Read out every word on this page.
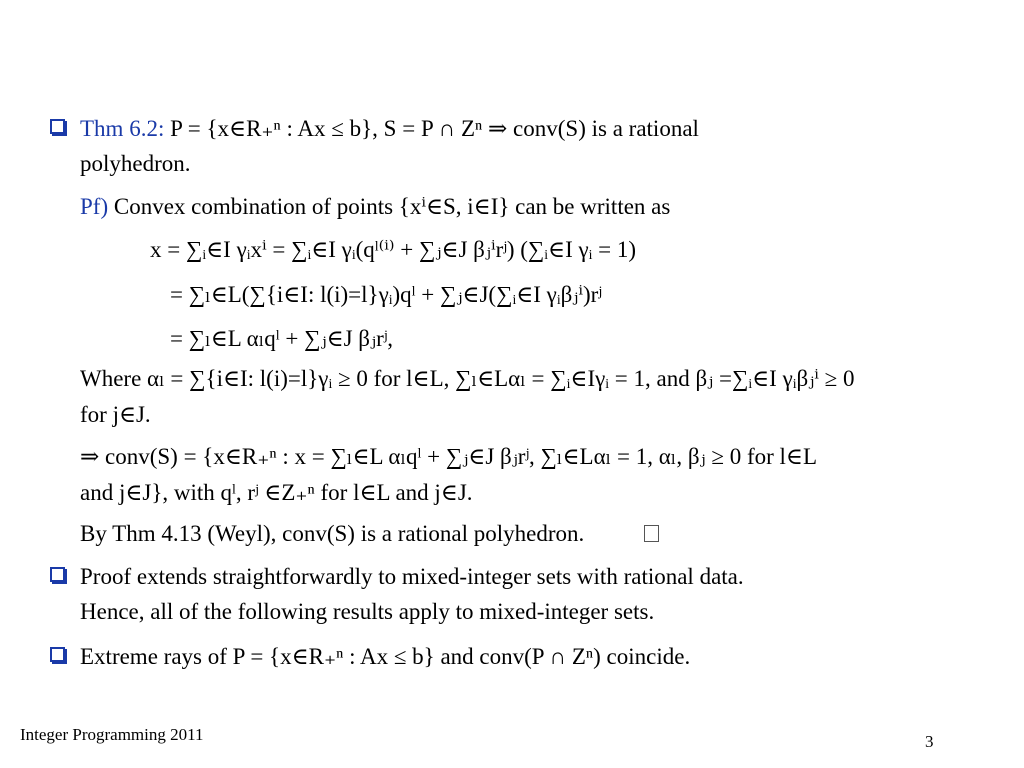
Thm 6.2: P = {x∈R₊ⁿ : Ax ≤ b}, S = P ∩ Zⁿ ⇒ conv(S) is a rational
polyhedron.
Pf) Convex combination of points {xⁱ∈S, i∈I} can be written as
x = ∑ᵢ∈I γᵢxⁱ = ∑ᵢ∈I γᵢ(qˡ⁽ⁱ⁾ + ∑ⱼ∈J βⱼⁱrʲ) (∑ᵢ∈I γᵢ = 1)
= ∑ₗ∈L(∑{i∈I: l(i)=l}γᵢ)qˡ + ∑ⱼ∈J(∑ᵢ∈I γᵢβⱼⁱ)rʲ
= ∑ₗ∈L αₗqˡ + ∑ⱼ∈J βⱼrʲ,
Where αₗ = ∑{i∈I: l(i)=l}γᵢ ≥ 0 for l∈L, ∑ₗ∈Lαₗ = ∑ᵢ∈Iγᵢ = 1, and βⱼ =∑ᵢ∈I γᵢβⱼⁱ ≥ 0
for j∈J.
⇒ conv(S) = {x∈R₊ⁿ : x = ∑ₗ∈L αₗqˡ + ∑ⱼ∈J βⱼrʲ, ∑ₗ∈Lαₗ = 1, αₗ, βⱼ ≥ 0 for l∈L
and j∈J}, with qˡ, rʲ ∈Z₊ⁿ for l∈L and j∈J.
By Thm 4.13 (Weyl), conv(S) is a rational polyhedron.
Proof extends straightforwardly to mixed-integer sets with rational data.
Hence, all of the following results apply to mixed-integer sets.
Extreme rays of P = {x∈R₊ⁿ : Ax ≤ b} and conv(P ∩ Zⁿ) coincide.
Integer Programming 2011	3
